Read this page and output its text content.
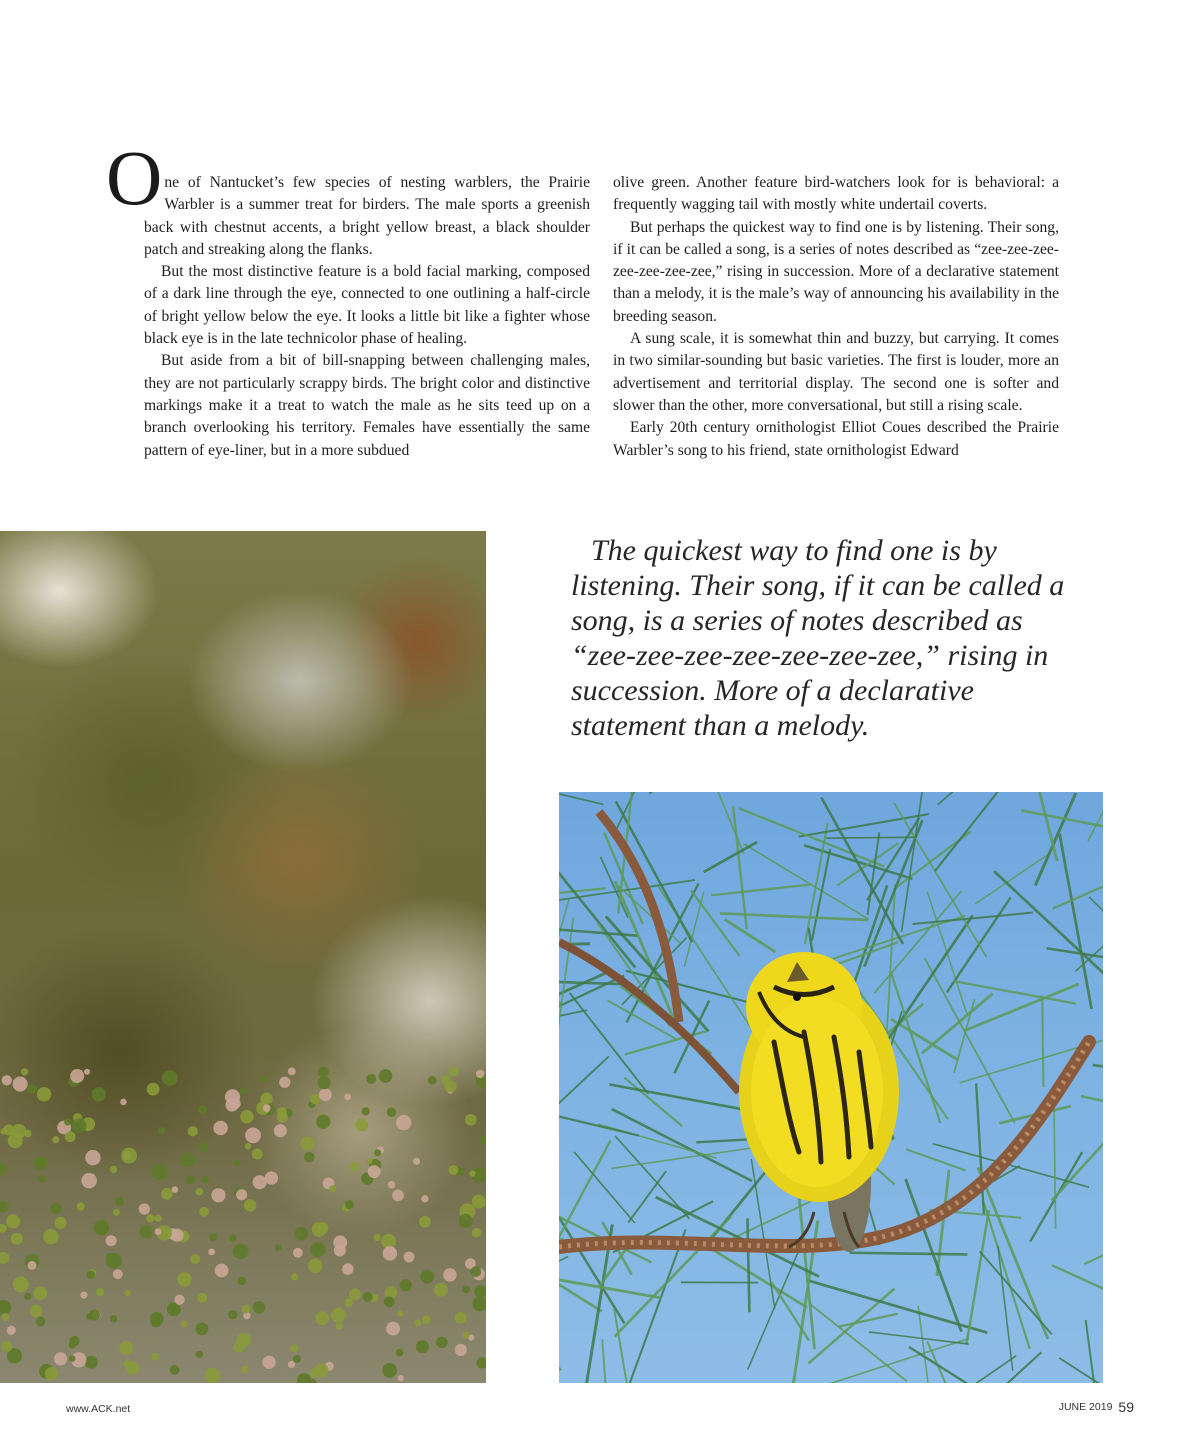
One of Nantucket’s few species of nesting warblers, the Prairie Warbler is a summer treat for birders. The male sports a greenish back with chestnut accents, a bright yellow breast, a black shoulder patch and streaking along the flanks.

But the most distinctive feature is a bold facial marking, composed of a dark line through the eye, connected to one outlining a half-circle of bright yellow below the eye. It looks a little bit like a fighter whose black eye is in the late technicolor phase of healing.

But aside from a bit of bill-snapping between challenging males, they are not particularly scrappy birds. The bright color and distinctive markings make it a treat to watch the male as he sits teed up on a branch overlooking his territory. Females have essentially the same pattern of eye-liner, but in a more subdued

olive green. Another feature bird-watchers look for is behavioral: a frequently wagging tail with mostly white undertail coverts.

But perhaps the quickest way to find one is by listening. Their song, if it can be called a song, is a series of notes described as “zee-zee-zee-zee-zee-zee-zee,” rising in succession. More of a declarative statement than a melody, it is the male’s way of announcing his availability in the breeding season.

A sung scale, it is somewhat thin and buzzy, but carrying. It comes in two similar-sounding but basic varieties. The first is louder, more an advertisement and territorial display. The second one is softer and slower than the other, more conversational, but still a rising scale.

Early 20th century ornithologist Elliot Coues described the Prairie Warbler’s song to his friend, state ornithologist Edward

The quickest way to find one is by listening. Their song, if it can be called a song, is a series of notes described as “zee-zee-zee-zee-zee-zee-zee,” rising in succession. More of a declarative statement than a melody.

www.ACK.net	JUNE 2019 59
